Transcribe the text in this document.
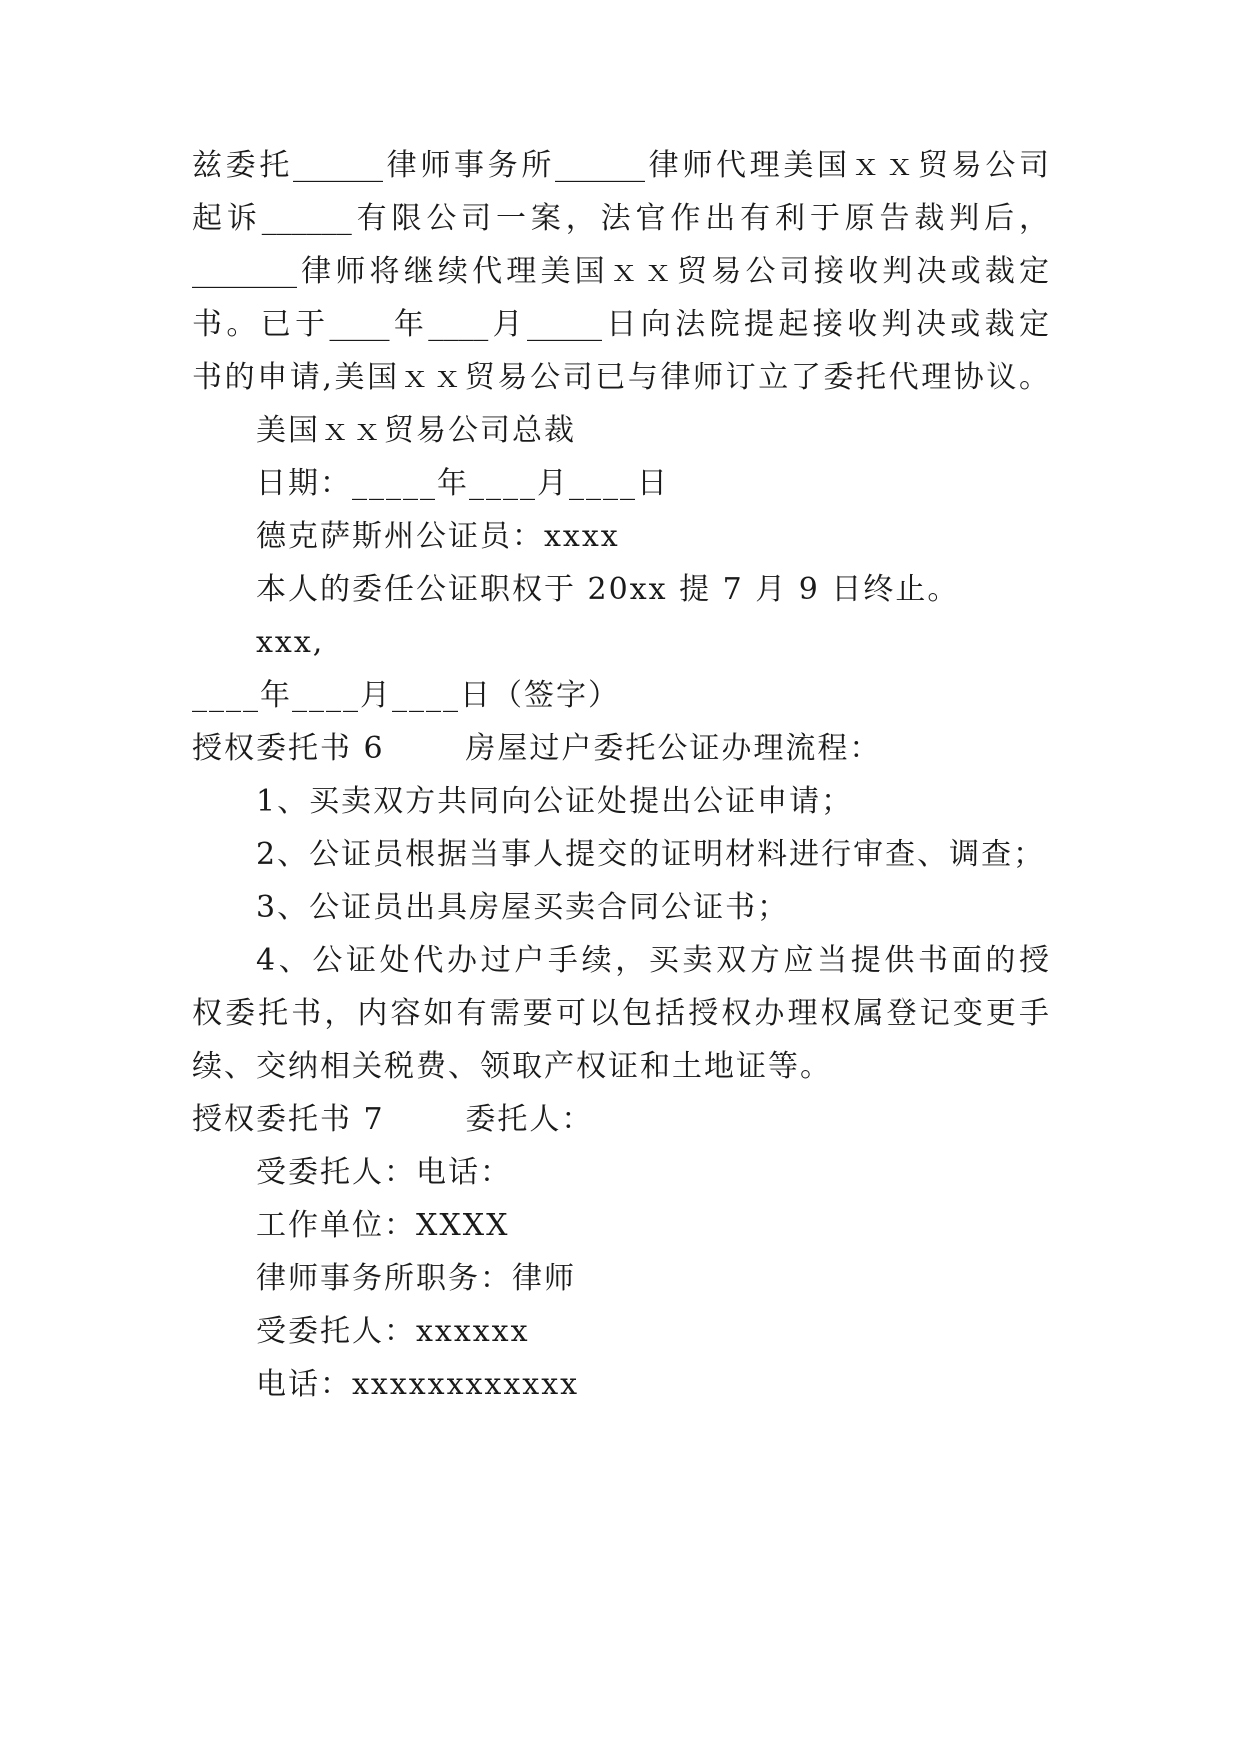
兹委托______律师事务所______律师代理美国ｘｘ贸易公司
起诉______有限公司一案，法官作出有利于原告裁判后，
_______律师将继续代理美国ｘｘ贸易公司接收判决或裁定
书。已于____年____月_____日向法院提起接收判决或裁定
书的申请,美国ｘｘ贸易公司已与律师订立了委托代理协议。
美国ｘｘ贸易公司总裁
日期：_____年____月____日
德克萨斯州公证员：xxxx
本人的委任公证职权于 20xx 提 7 月 9 日终止。
xxx,
____年____月____日（签字）
授权委托书 6       房屋过户委托公证办理流程：
1、买卖双方共同向公证处提出公证申请；
2、公证员根据当事人提交的证明材料进行审查、调查；
3、公证员出具房屋买卖合同公证书；
4、公证处代办过户手续，买卖双方应当提供书面的授
权委托书，内容如有需要可以包括授权办理权属登记变更手
续、交纳相关税费、领取产权证和土地证等。
授权委托书 7       委托人：
受委托人：电话：
工作单位：XXXX
律师事务所职务：律师
受委托人：xxxxxx
电话：xxxxxxxxxxxx
